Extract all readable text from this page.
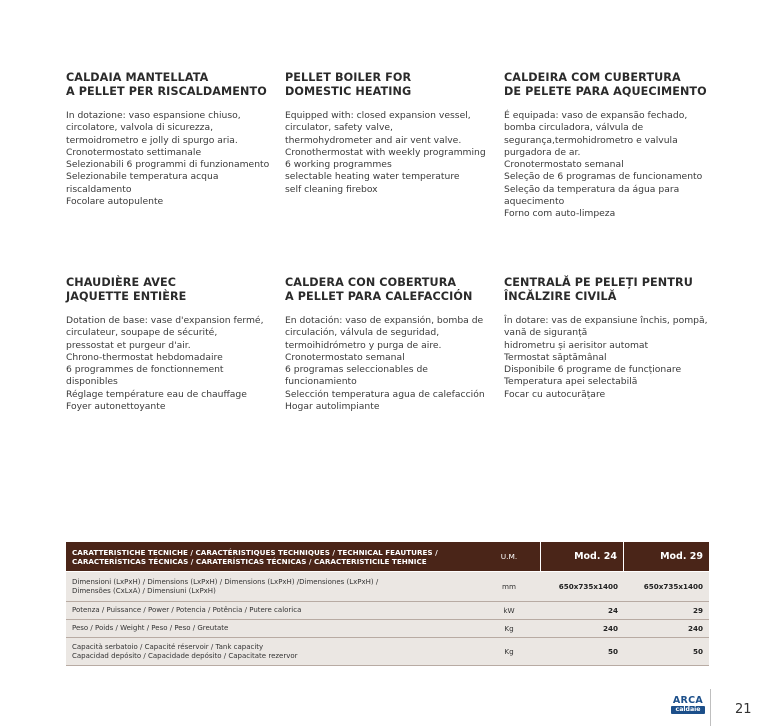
CALDAIA MANTELLATA
A PELLET PER RISCALDAMENTO
In dotazione: vaso espansione chiuso,
circolatore, valvola di sicurezza,
termoidrometro e jolly di spurgo aria.
Cronotermostato settimanale
Selezionabili 6 programmi di funzionamento
Selezionabile temperatura acqua
riscaldamento
Focolare autopulente
PELLET BOILER FOR
DOMESTIC HEATING
Equipped with: closed expansion vessel,
circulator, safety valve,
thermohydrometer and air vent valve.
Cronothermostat with weekly programming
6 working programmes
selectable heating water temperature
self cleaning firebox
CALDEIRA COM CUBERTURA
DE PELETE PARA AQUECIMENTO
É equipada: vaso de expansão fechado,
bomba circuladora, válvula de
segurança,termohidrometro e valvula
purgadora de ar.
Cronotermostato semanal
Seleção de 6 programas de funcionamento
Seleção da temperatura da água para
aquecimento
Forno com auto-limpeza
CHAUDIÈRE AVEC
JAQUETTE ENTIÈRE
Dotation de base: vase d'expansion fermé,
circulateur, soupape de sécurité,
pressostat et purgeur d'air.
Chrono-thermostat hebdomadaire
6 programmes de fonctionnement
disponibles
Réglage température eau de chauffage
Foyer autonettoyante
CALDERA CON COBERTURA
A PELLET PARA CALEFACCIÓN
En dotación: vaso de expansión, bomba de
circulación, válvula de seguridad,
termoihidrómetro y purga de aire.
Cronotermostato semanal
6 programas seleccionables de
funcionamiento
Selección temperatura agua de calefacción
Hogar autolimpiante
CENTRALĂ PE PELEȚI PENTRU
ÎNCĂLZIRE CIVILĂ
În dotare: vas de expansiune închis, pompă,
vană de siguranță
hidrometru și aerisitor automat
Termostat săptămânal
Disponibile 6 programe de funcționare
Temperatura apei selectabilă
Focar cu autocurățare
CARATTERISTICHE TECNICHE / CARACTÉRISTIQUES TECHNIQUES / TECHNICAL FEAUTURES /
CARACTERÍSTICAS TÉCNICAS / CARATERÍSTICAS TÉCNICAS / CARACTERISTICILE TEHNICE	U.M.	Mod. 24	Mod. 29
Dimensioni (LxPxH) / Dimensions (LxPxH) / Dimensions (LxPxH) /Dimensiones (LxPxH) /
Dimensões (CxLxA) / Dimensiuni (LxPxH)	mm	650x735x1400	650x735x1400
Potenza / Puissance / Power / Potencia / Potência / Putere calorica	kW	24	29
Peso / Poids / Weight / Peso / Peso / Greutate	Kg	240	240
Capacità serbatoio / Capacité réservoir / Tank capacity
Capacidad depósito / Capacidade depósito / Capacitate rezervor	Kg	50	50
ARCA
caldaie	21
